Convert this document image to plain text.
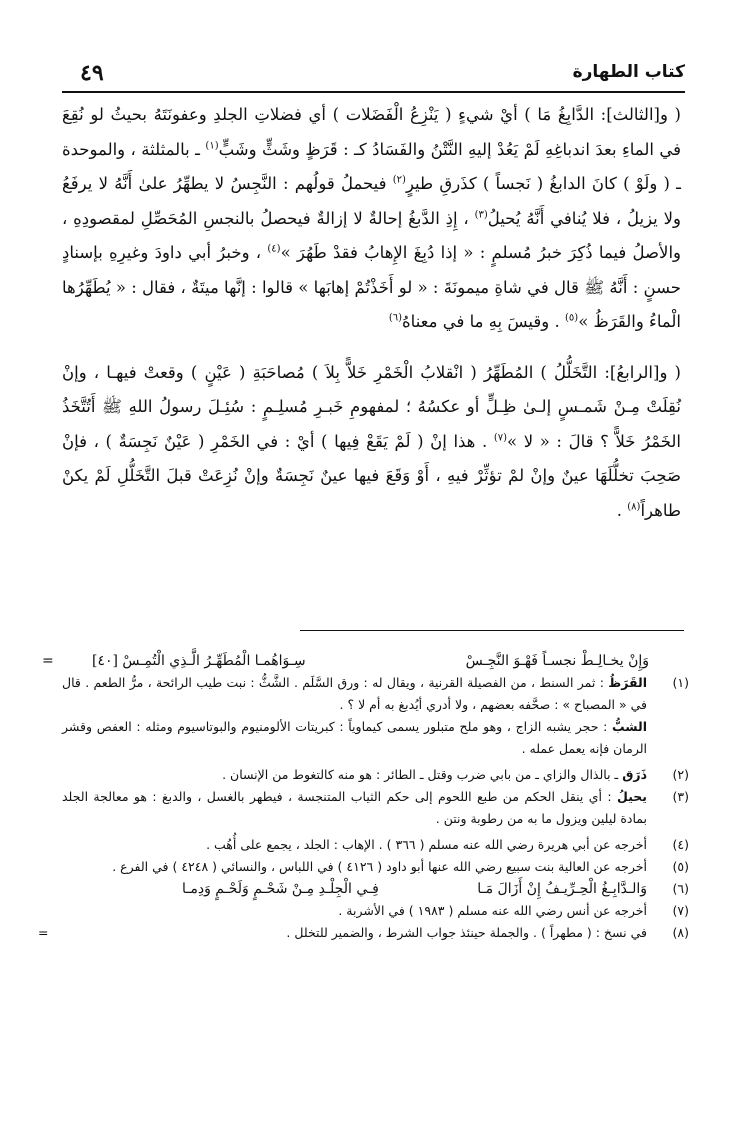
كتاب الطهارة
٤٩

( و[الثالث]: الدَّابِغُ مَا ) أيْ شيءٍ ( يَنْزِعُ الْفَضَلات ) أي فضلاتِ الجلدِ وعفونَتَهُ بحيثُ لو نُقِعَ في الماءِ بعدَ اندباغِهِ لَمْ يَعُدْ إليهِ النَّتْنُ والفَسَادُ كـ : قَرَظٍ وشَثٍّ وشَبٍّ$^{(١)}$ ـ بالمثلثة ، والموحدة ـ ( ولَوْ ) كانَ الدابغُ ( نَجساً ) كذَرقِ طيرٍ$^{(٢)}$ فيحملُ قولُهم : النَّجِسُ لا يطهِّرُ علىٰ أَنَّهُ لا يرفَعُ ولا يزيلُ ، فلا يُنافي أَنَّهُ يُحيلُ$^{(٣)}$ ، إِذِ الدَّبغُ إحالةٌ لا إزالةٌ فيحصلُ بالنجسِ المُحَصِّلِ لمقصودِهِ ، والأصلُ فيما ذُكِرَ خبرُ مُسلمٍ : « إذا دُبِغَ الإِهابُ فقدْ طَهُرَ »$^{(٤)}$ ، وخبرُ أبي داودَ وغيرِهِ بإسنادٍ حسنٍ : أَنَّهُ ﷺ قال في شاةِ ميمونَةَ : « لو أَخَذْتُمْ إهابَها » قالوا : إنَّها ميتَةٌ ، فقال : « يُطَهِّرُها الْماءُ والقَرَظُ »$^{(٥)}$ . وقيسَ بِهِ ما في معناهُ$^{(٦)}$

( و[الرابعُ]: التَّخَلُّلُ ) المُطَهِّرُ ( انْقلابُ الْخَمْرِ خَلاًّ بِلاَ ) مُصاحَبَةِ ( عَيْنٍ ) وقعتْ فيهـا ، وإنْ نُقِلَتْ مِـنْ شَمـسٍ إلـىٰ ظِـلٍّ أو عكسُهُ ؛ لمفهومِ خَبـرِ مُسلِـمٍ : سُئِـلَ رسولُ اللهِ ﷺ أَتُتَّخَذُ الخَمْرُ خَلاًّ ؟ قالَ : « لا »$^{(٧)}$ . هذا إنْ ( لَمْ يَقَعْ فِيها ) أيْ : في الخَمْرِ ( عَيْنٌ نَجِسَةٌ ) ، فإنْ صَحِبَ تخلُّلَهَا عينٌ وإنْ لمْ تؤثِّرْ فيهِ ، أَوْ وَقَعَ فيها عينٌ نَجِسَةٌ وإنْ نُزِعَتْ قبلَ التَّخَلُّلِ لَمْ يكنْ طاهراً$^{(٨)}$ .

وَإِنْ يخـالِـطْ نجسـاً فَهْـوَ النَّجِـسْ
سِـوَاهُمـا الْمُطَهِّـرُ الَّـذِي الْتُمِـسْ [٤٠]
=
(١)
القَرَظُ : ثمر السنط ، من الفصيلة القرنية ، ويقال له : ورق السَّلَم . الشَّثُّ : نبت طيب الرائحة ، مرُّ الطعم . قال في « المصباح » : صحَّفه بعضهم ، ولا أدري أيُدبغ به أم لا ؟ .
الشبُّ : حجر يشبه الزاج ، وهو ملح متبلور يسمى كيماوياً : كبريتات الألومنيوم والبوتاسيوم ومثله : العفص وقشر الرمان فإنه يعمل عمله .
(٢)
ذَرَق ـ بالذال والزاي ـ من بابي ضرب وقتل ـ الطائر : هو منه كالتغوط من الإنسان .
(٣)
يحيلُ : أي ينقل الحكم من طبع اللحوم إلى حكم الثياب المتنجسة ، فيطهر بالغسل ، والدبغ : هو معالجة الجلد بمادة ليلين ويزول ما به من رطوبة ونتن .
(٤)
أخرجه عن أبي هريرة رضي الله عنه مسلم ( ٣٦٦ ) . الإهاب : الجلد ، يجمع على أُهُب .
(٥)
أخرجه عن العالية بنت سبيع رضي الله عنها أبو داود ( ٤١٢٦ ) في اللباس ، والنسائي ( ٤٢٤٨ ) في الفرع .
(٦)
وَالـدَّابِـغُ الْحِـرِّيـفُ إِنْ أَزَالَ مَـا
فِـي الْجِلْـدِ مِـنْ شَحْـمٍ وَلَحْـمٍ وَدِمـا
(٧)
أخرجه عن أنس رضي الله عنه مسلم ( ١٩٨٣ ) في الأشربة .
(٨)
في نسخ : ( مطهراً ) . والجملة حينئذ جواب الشرط ، والضمير للتخلل .
=
